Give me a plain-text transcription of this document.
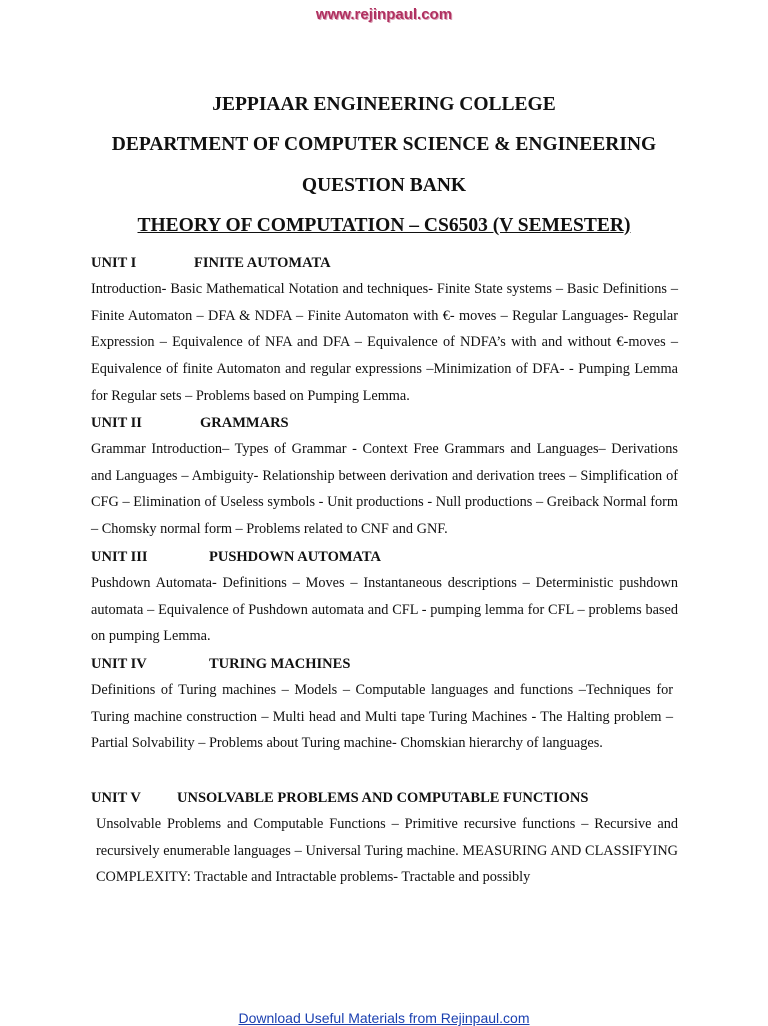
www.rejinpaul.com
JEPPIAAR ENGINEERING COLLEGE
DEPARTMENT OF COMPUTER SCIENCE & ENGINEERING
QUESTION BANK
THEORY OF COMPUTATION – CS6503 (V SEMESTER)
UNIT I	FINITE AUTOMATA
Introduction- Basic Mathematical Notation and techniques- Finite State systems – Basic Definitions –Finite Automaton – DFA & NDFA – Finite Automaton with €- moves – Regular Languages- Regular Expression – Equivalence of NFA and DFA – Equivalence of NDFA’s with and without €-moves –Equivalence of finite Automaton and regular expressions –Minimization of DFA- - Pumping Lemma for Regular sets – Problems based on Pumping Lemma.
UNIT II	GRAMMARS
Grammar Introduction– Types of Grammar - Context Free Grammars and Languages– Derivations and Languages – Ambiguity- Relationship between derivation and derivation trees – Simplification of CFG – Elimination of Useless symbols - Unit productions - Null productions – Greiback Normal form – Chomsky normal form – Problems related to CNF and GNF.
UNIT III	PUSHDOWN AUTOMATA
Pushdown Automata- Definitions – Moves – Instantaneous descriptions – Deterministic pushdown automata – Equivalence of Pushdown automata and CFL - pumping lemma for CFL – problems based on pumping Lemma.
UNIT IV	TURING MACHINES
Definitions of Turing machines – Models – Computable languages and functions –Techniques for Turing machine construction – Multi head and Multi tape Turing Machines - The Halting problem –Partial Solvability – Problems about Turing machine- Chomskian hierarchy of languages.
UNIT V UNSOLVABLE PROBLEMS AND COMPUTABLE FUNCTIONS
Unsolvable Problems and Computable Functions – Primitive recursive functions – Recursive and recursively enumerable languages – Universal Turing machine. MEASURING AND CLASSIFYING COMPLEXITY: Tractable and Intractable problems- Tractable and possibly
Download Useful Materials from Rejinpaul.com
